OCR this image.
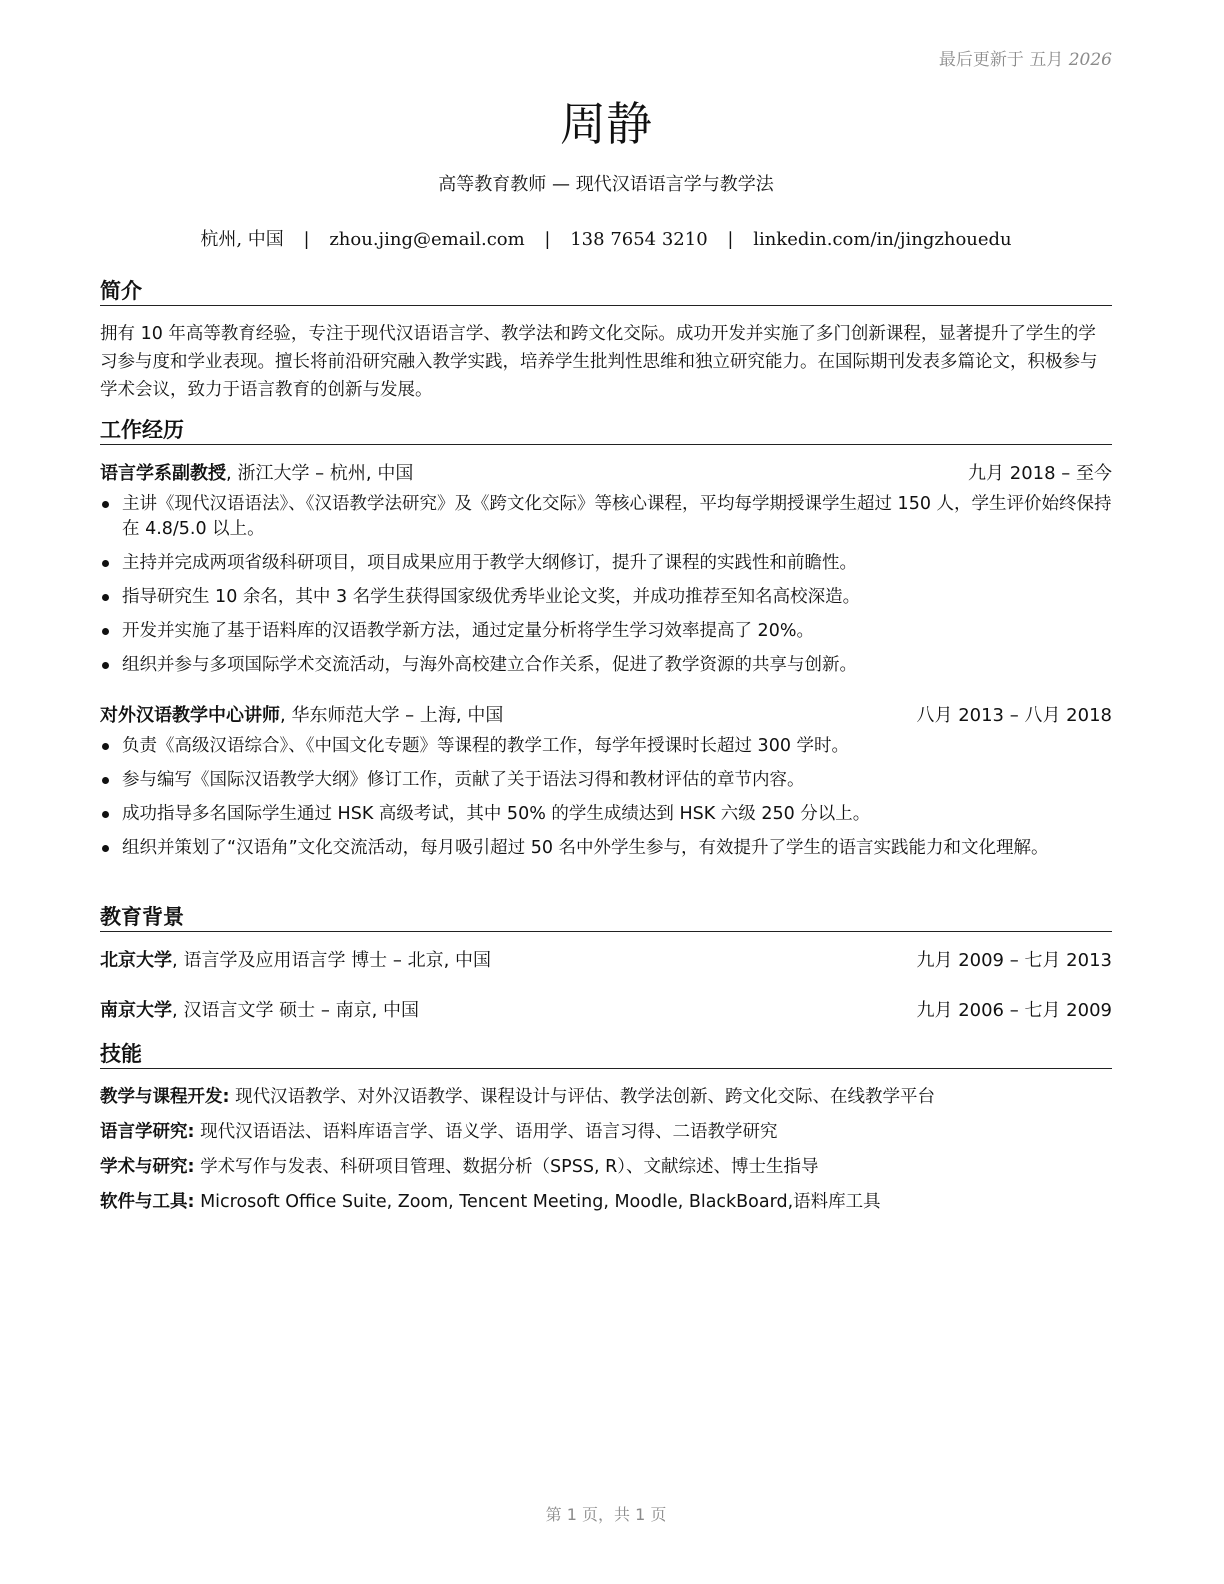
最后更新于 五月 2026
周静
高等教育教师 — 现代汉语语言学与教学法
杭州, 中国 | zhou.jing@email.com | 138 7654 3210 | linkedin.com/in/jingzhouedu
简介
拥有 10 年高等教育经验，专注于现代汉语语言学、教学法和跨文化交际。成功开发并实施了多门创新课程，显著提升了学生的学习参与度和学业表现。擅长将前沿研究融入教学实践，培养学生批判性思维和独立研究能力。在国际期刊发表多篇论文，积极参与学术会议，致力于语言教育的创新与发展。
工作经历
语言学系副教授, 浙江大学 – 杭州, 中国	九月 2018 – 至今
主讲《现代汉语语法》、《汉语教学法研究》及《跨文化交际》等核心课程，平均每学期授课学生超过 150 人，学生评价始终保持在 4.8/5.0 以上。
主持并完成两项省级科研项目，项目成果应用于教学大纲修订，提升了课程的实践性和前瞻性。
指导研究生 10 余名，其中 3 名学生获得国家级优秀毕业论文奖，并成功推荐至知名高校深造。
开发并实施了基于语料库的汉语教学新方法，通过定量分析将学生学习效率提高了 20%。
组织并参与多项国际学术交流活动，与海外高校建立合作关系，促进了教学资源的共享与创新。
对外汉语教学中心讲师, 华东师范大学 – 上海, 中国	八月 2013 – 八月 2018
负责《高级汉语综合》、《中国文化专题》等课程的教学工作，每学年授课时长超过 300 学时。
参与编写《国际汉语教学大纲》修订工作，贡献了关于语法习得和教材评估的章节内容。
成功指导多名国际学生通过 HSK 高级考试，其中 50% 的学生成绩达到 HSK 六级 250 分以上。
组织并策划了“汉语角”文化交流活动，每月吸引超过 50 名中外学生参与，有效提升了学生的语言实践能力和文化理解。
教育背景
北京大学, 语言学及应用语言学 博士 – 北京, 中国	九月 2009 – 七月 2013
南京大学, 汉语言文学 硕士 – 南京, 中国	九月 2006 – 七月 2009
技能
教学与课程开发: 现代汉语教学、对外汉语教学、课程设计与评估、教学法创新、跨文化交际、在线教学平台
语言学研究: 现代汉语语法、语料库语言学、语义学、语用学、语言习得、二语教学研究
学术与研究: 学术写作与发表、科研项目管理、数据分析（SPSS, R）、文献综述、博士生指导
软件与工具: Microsoft Office Suite, Zoom, Tencent Meeting, Moodle, BlackBoard,语料库工具
第 1 页，共 1 页
